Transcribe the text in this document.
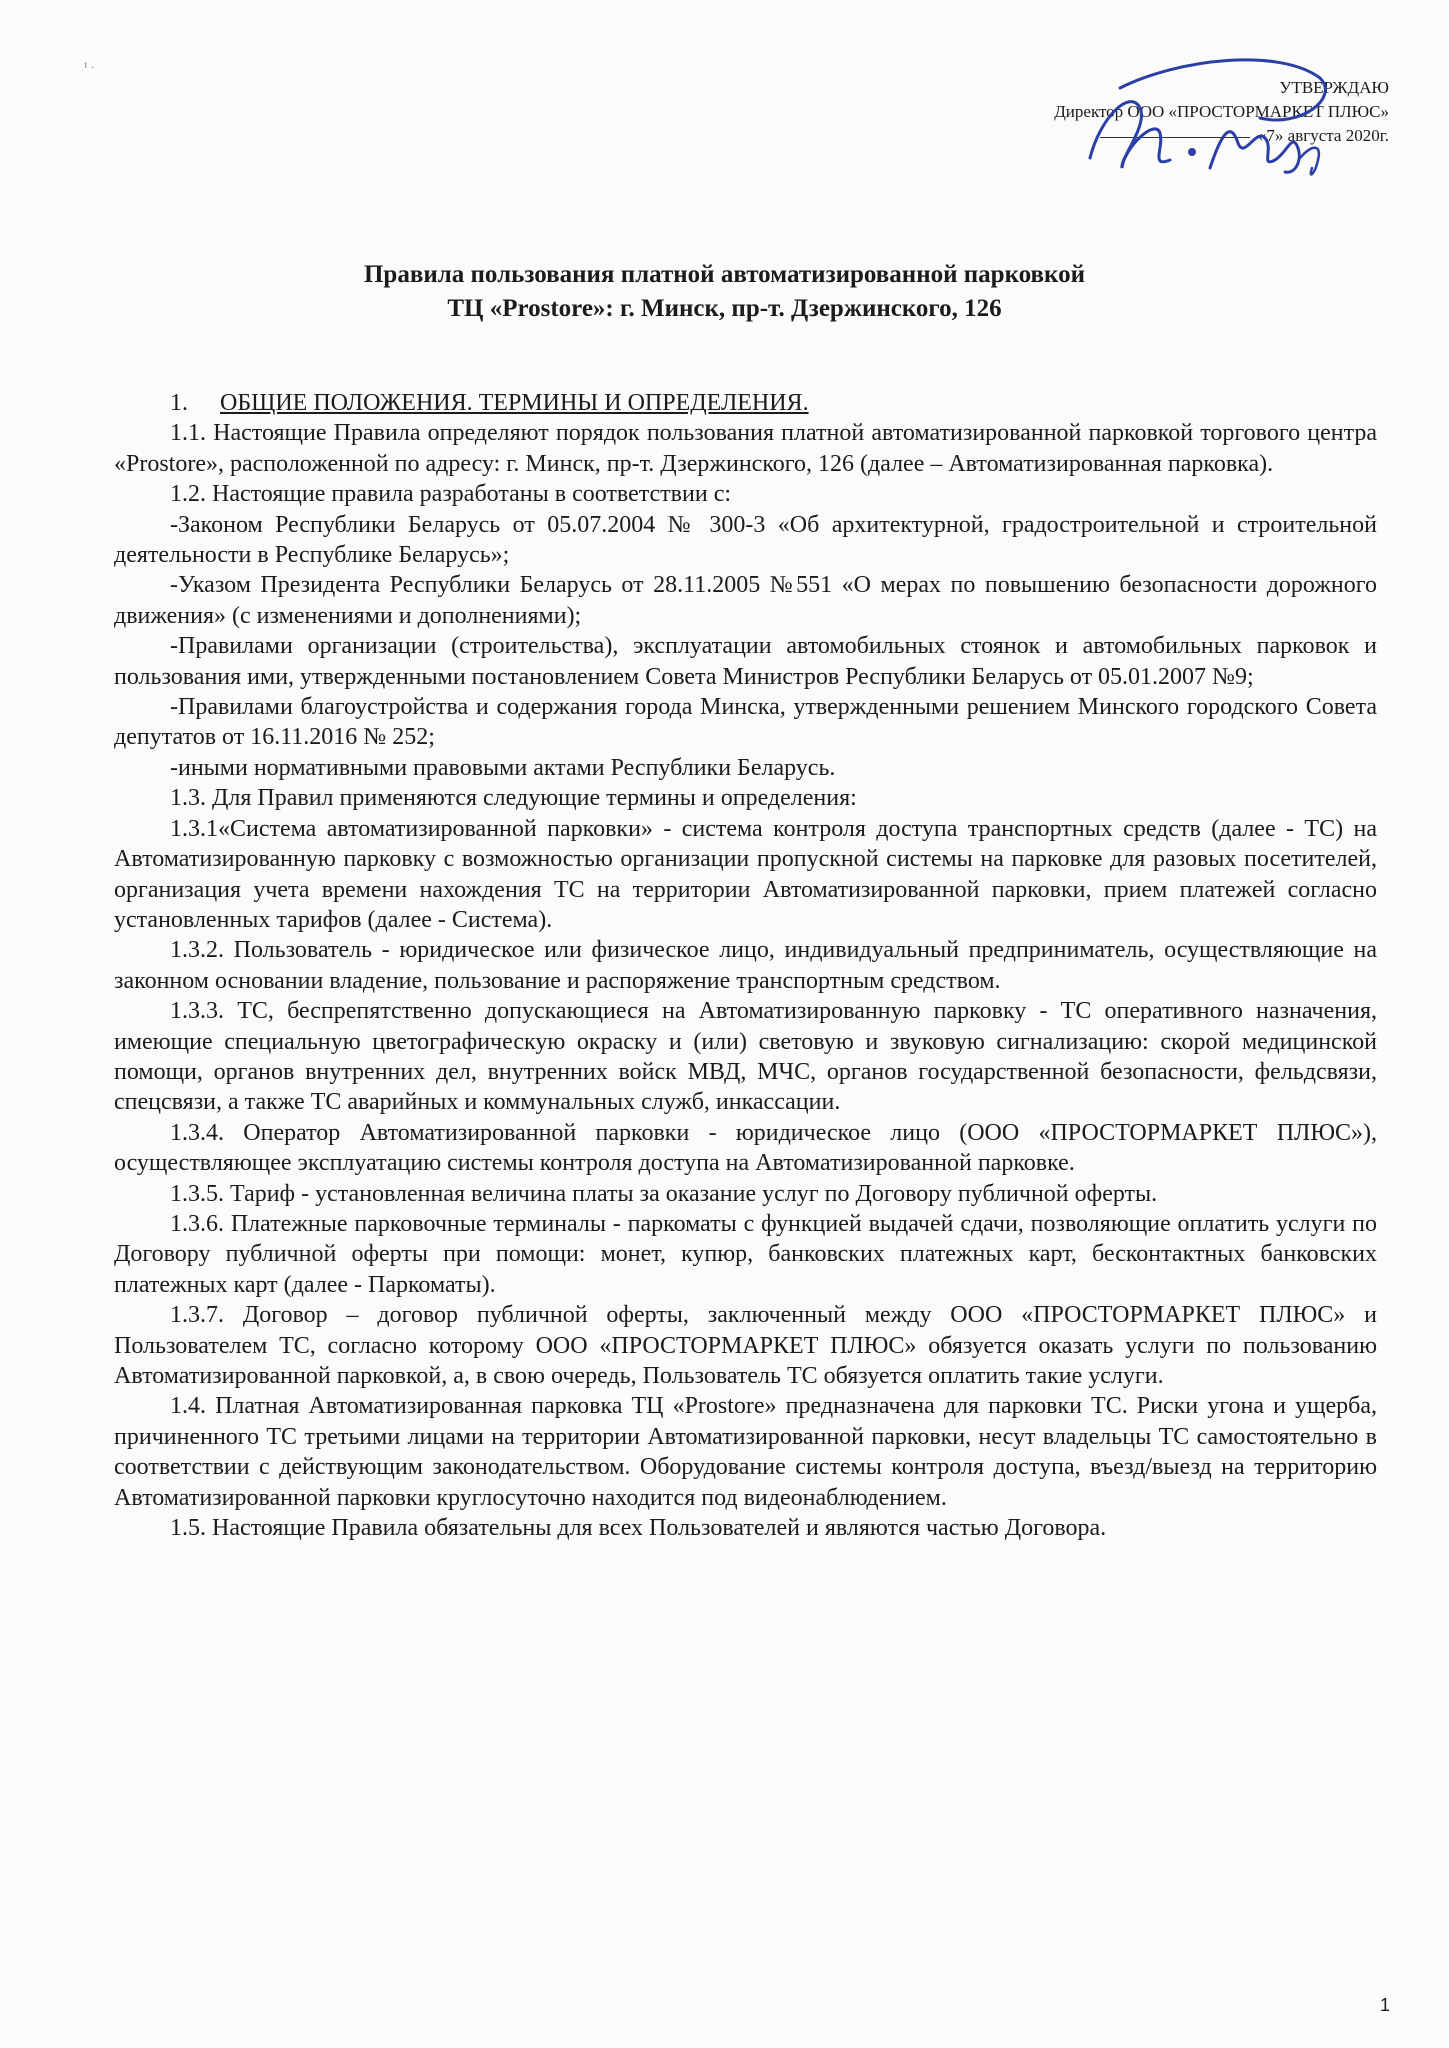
¹ ·
УТВЕРЖДАЮ
Директор ООО «ПРОСТОРМАРКЕТ ПЛЮС»
«7» августа 2020г.
Правила пользования платной автоматизированной парковкой
ТЦ «Prostore»: г. Минск, пр-т. Дзержинского, 126

1. ОБЩИЕ ПОЛОЖЕНИЯ. ТЕРМИНЫ И ОПРЕДЕЛЕНИЯ.

1.1. Настоящие Правила определяют порядок пользования платной автоматизированной парковкой торгового центра «Prostore», расположенной по адресу: г. Минск, пр-т. Дзержинского, 126 (далее – Автоматизированная парковка).

1.2. Настоящие правила разработаны в соответствии с:

-Законом Республики Беларусь от 05.07.2004 № 300-3 «Об архитектурной, градостроительной и строительной деятельности в Республике Беларусь»;

-Указом Президента Республики Беларусь от 28.11.2005 №551 «О мерах по повышению безопасности дорожного движения» (с изменениями и дополнениями);

-Правилами организации (строительства), эксплуатации автомобильных стоянок и автомобильных парковок и пользования ими, утвержденными постановлением Совета Министров Республики Беларусь от 05.01.2007 №9;

-Правилами благоустройства и содержания города Минска, утвержденными решением Минского городского Совета депутатов от 16.11.2016 № 252;

-иными нормативными правовыми актами Республики Беларусь.

1.3. Для Правил применяются следующие термины и определения:

1.3.1«Система автоматизированной парковки» - система контроля доступа транспортных средств (далее - ТС) на Автоматизированную парковку с возможностью организации пропускной системы на парковке для разовых посетителей, организация учета времени нахождения ТС на территории Автоматизированной парковки, прием платежей согласно установленных тарифов (далее - Система).

1.3.2. Пользователь - юридическое или физическое лицо, индивидуальный предприниматель, осуществляющие на законном основании владение, пользование и распоряжение транспортным средством.

1.3.3. ТС, беспрепятственно допускающиеся на Автоматизированную парковку - ТС оперативного назначения, имеющие специальную цветографическую окраску и (или) световую и звуковую сигнализацию: скорой медицинской помощи, органов внутренних дел, внутренних войск МВД, МЧС, органов государственной безопасности, фельдсвязи, спецсвязи, а также ТС аварийных и коммунальных служб, инкассации.

1.3.4. Оператор Автоматизированной парковки - юридическое лицо (ООО «ПРОСТОРМАРКЕТ ПЛЮС»), осуществляющее эксплуатацию системы контроля доступа на Автоматизированной парковке.

1.3.5. Тариф - установленная величина платы за оказание услуг по Договору публичной оферты.

1.3.6. Платежные парковочные терминалы - паркоматы с функцией выдачей сдачи, позволяющие оплатить услуги по Договору публичной оферты при помощи: монет, купюр, банковских платежных карт, бесконтактных банковских платежных карт (далее - Паркоматы).

1.3.7. Договор – договор публичной оферты, заключенный между ООО «ПРОСТОРМАРКЕТ ПЛЮС» и Пользователем ТС, согласно которому ООО «ПРОСТОРМАРКЕТ ПЛЮС» обязуется оказать услуги по пользованию Автоматизированной парковкой, а, в свою очередь, Пользователь ТС обязуется оплатить такие услуги.

1.4. Платная Автоматизированная парковка ТЦ «Prostore» предназначена для парковки ТС. Риски угона и ущерба, причиненного ТС третьими лицами на территории Автоматизированной парковки, несут владельцы ТС самостоятельно в соответствии с действующим законодательством. Оборудование системы контроля доступа, въезд/выезд на территорию Автоматизированной парковки круглосуточно находится под видеонаблюдением.

1.5. Настоящие Правила обязательны для всех Пользователей и являются частью Договора.

1
